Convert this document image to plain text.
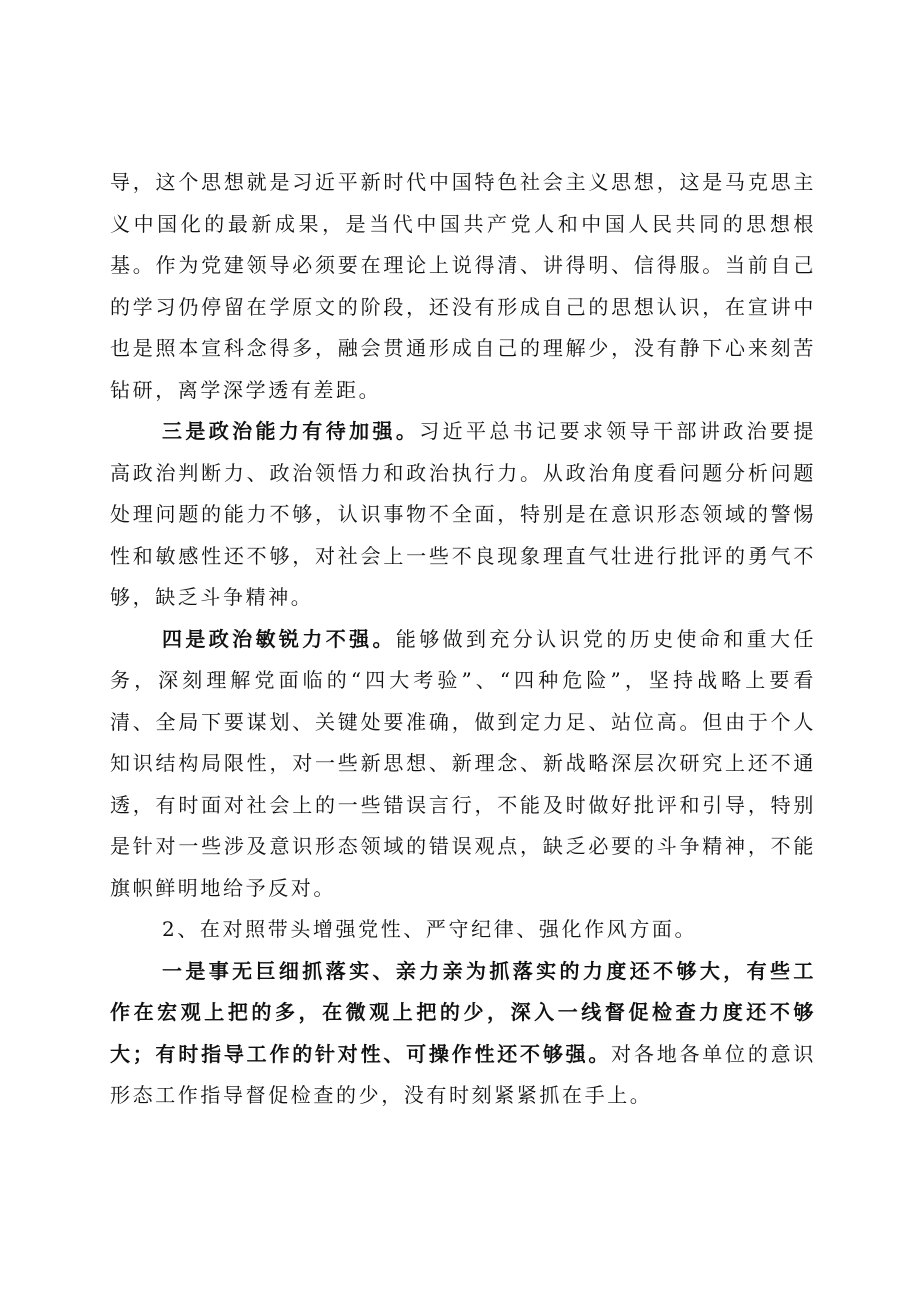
导，这个思想就是习近平新时代中国特色社会主义思想，这是马克思主义中国化的最新成果，是当代中国共产党人和中国人民共同的思想根基。作为党建领导必须要在理论上说得清、讲得明、信得服。当前自己的学习仍停留在学原文的阶段，还没有形成自己的思想认识，在宣讲中也是照本宣科念得多，融会贯通形成自己的理解少，没有静下心来刻苦钻研，离学深学透有差距。

三是政治能力有待加强。习近平总书记要求领导干部讲政治要提高政治判断力、政治领悟力和政治执行力。从政治角度看问题分析问题处理问题的能力不够，认识事物不全面，特别是在意识形态领域的警惕性和敏感性还不够，对社会上一些不良现象理直气壮进行批评的勇气不够，缺乏斗争精神。

四是政治敏锐力不强。能够做到充分认识党的历史使命和重大任务，深刻理解党面临的“四大考验”、“四种危险”，坚持战略上要看清、全局下要谋划、关键处要准确，做到定力足、站位高。但由于个人知识结构局限性，对一些新思想、新理念、新战略深层次研究上还不通透，有时面对社会上的一些错误言行，不能及时做好批评和引导，特别是针对一些涉及意识形态领域的错误观点，缺乏必要的斗争精神，不能旗帜鲜明地给予反对。

2、在对照带头增强党性、严守纪律、强化作风方面。

一是事无巨细抓落实、亲力亲为抓落实的力度还不够大，有些工作在宏观上把的多，在微观上把的少，深入一线督促检查力度还不够大；有时指导工作的针对性、可操作性还不够强。对各地各单位的意识形态工作指导督促检查的少，没有时刻紧紧抓在手上。
